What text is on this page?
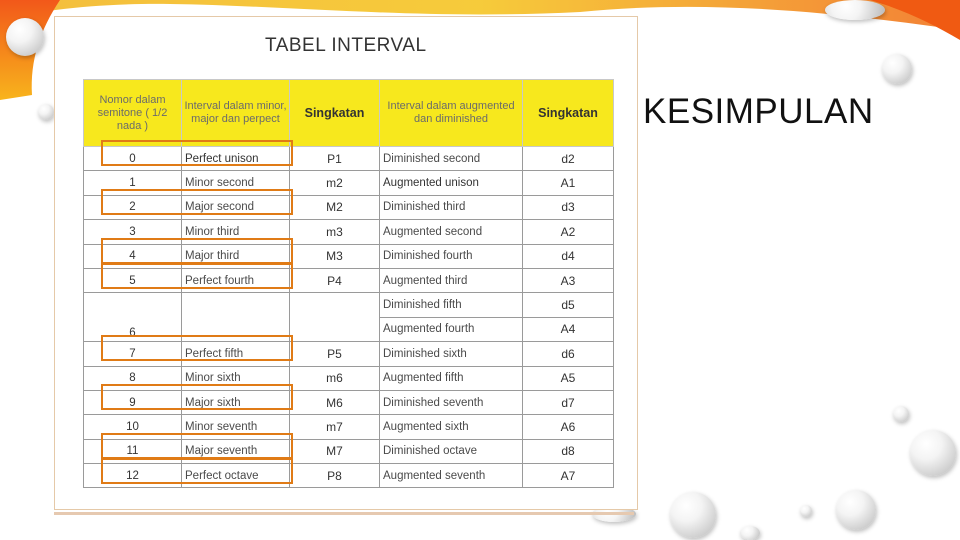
TABEL INTERVAL
Nomor dalam semitone ( 1/2 nada )	Interval dalam minor, major dan perpect	Singkatan	Interval dalam augmented dan diminished	Singkatan
0	Perfect unison	P1	Diminished second	d2
1	Minor second	m2	Augmented unison	A1
2	Major second	M2	Diminished third	d3
3	Minor third	m3	Augmented second	A2
4	Major third	M3	Diminished fourth	d4
5	Perfect fourth	P4	Augmented third	A3
6			Diminished fifth	d5
			Augmented fourth	A4
7	Perfect fifth	P5	Diminished sixth	d6
8	Minor sixth	m6	Augmented fifth	A5
9	Major sixth	M6	Diminished seventh	d7
10	Minor seventh	m7	Augmented sixth	A6
11	Major seventh	M7	Diminished octave	d8
12	Perfect octave	P8	Augmented seventh	A7
KESIMPULAN
